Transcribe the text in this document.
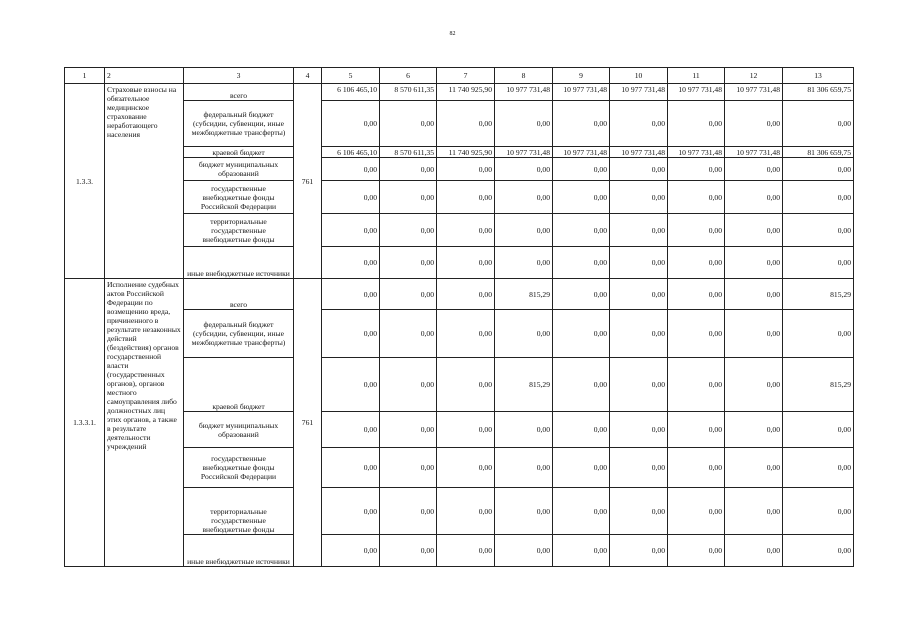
82
1	2	3	4	5	6	7	8	9	10	11	12	13
1.3.3.	Страховые взносы на обязательное медицинское страхование неработающего населения	всего	761	6 106 465,10	8 570 611,35	11 740 925,90	10 977 731,48	10 977 731,48	10 977 731,48	10 977 731,48	10 977 731,48	81 306 659,75
		федеральный бюджет (субсидии, субвенции, иные межбюджетные трансферты)		0,00	0,00	0,00	0,00	0,00	0,00	0,00	0,00	0,00
		краевой бюджет		6 106 465,10	8 570 611,35	11 740 925,90	10 977 731,48	10 977 731,48	10 977 731,48	10 977 731,48	10 977 731,48	81 306 659,75
		бюджет муниципальных образований		0,00	0,00	0,00	0,00	0,00	0,00	0,00	0,00	0,00
		государственные внебюджетные фонды Российской Федерации		0,00	0,00	0,00	0,00	0,00	0,00	0,00	0,00	0,00
		территориальные государственные внебюджетные фонды		0,00	0,00	0,00	0,00	0,00	0,00	0,00	0,00	0,00
		иные внебюджетные источники		0,00	0,00	0,00	0,00	0,00	0,00	0,00	0,00	0,00
1.3.3.1.	Исполнение судебных актов Российской Федерации по возмещению вреда, причиненного в результате незаконных действий (бездействия) органов государственной власти (государственных органов), органов местного самоуправления либо должностных лиц этих органов, а также в результате деятельности учреждений	всего	761	0,00	0,00	0,00	815,29	0,00	0,00	0,00	0,00	815,29
		федеральный бюджет (субсидии, субвенции, иные межбюджетные трансферты)		0,00	0,00	0,00	0,00	0,00	0,00	0,00	0,00	0,00
		краевой бюджет		0,00	0,00	0,00	815,29	0,00	0,00	0,00	0,00	815,29
		бюджет муниципальных образований		0,00	0,00	0,00	0,00	0,00	0,00	0,00	0,00	0,00
		государственные внебюджетные фонды Российской Федерации		0,00	0,00	0,00	0,00	0,00	0,00	0,00	0,00	0,00
		территориальные государственные внебюджетные фонды		0,00	0,00	0,00	0,00	0,00	0,00	0,00	0,00	0,00
		иные внебюджетные источники		0,00	0,00	0,00	0,00	0,00	0,00	0,00	0,00	0,00
